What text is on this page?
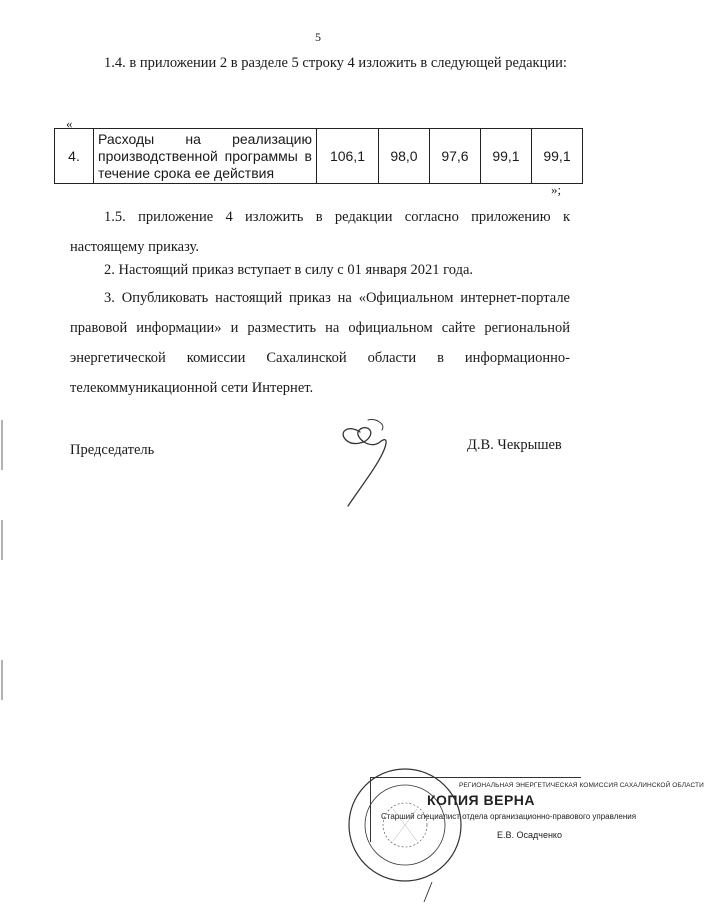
5

1.4. в приложении 2 в разделе 5 строку 4 изложить в следующей редакции:

«
4.	Расходы на реализацию производственной программы в течение срока ее действия	106,1	98,0	97,6	99,1	99,1
»;

1.5. приложение 4 изложить в редакции согласно приложению к настоящему приказу.

2. Настоящий приказ вступает в силу с 01 января 2021 года.

3. Опубликовать настоящий приказ на «Официальном интернет-портале правовой информации» и разместить на официальном сайте региональной энергетической комиссии Сахалинской области в информационно-телекоммуникационной сети Интернет.

Председатель	Д.В. Чекрышев
РЕГИОНАЛЬНАЯ ЭНЕРГЕТИЧЕСКАЯ КОМИССИЯ САХАЛИНСКОЙ ОБЛАСТИ
КОПИЯ ВЕРНА
Старший специалист отдела организационно-правового управления
Е.В. Осадченко
